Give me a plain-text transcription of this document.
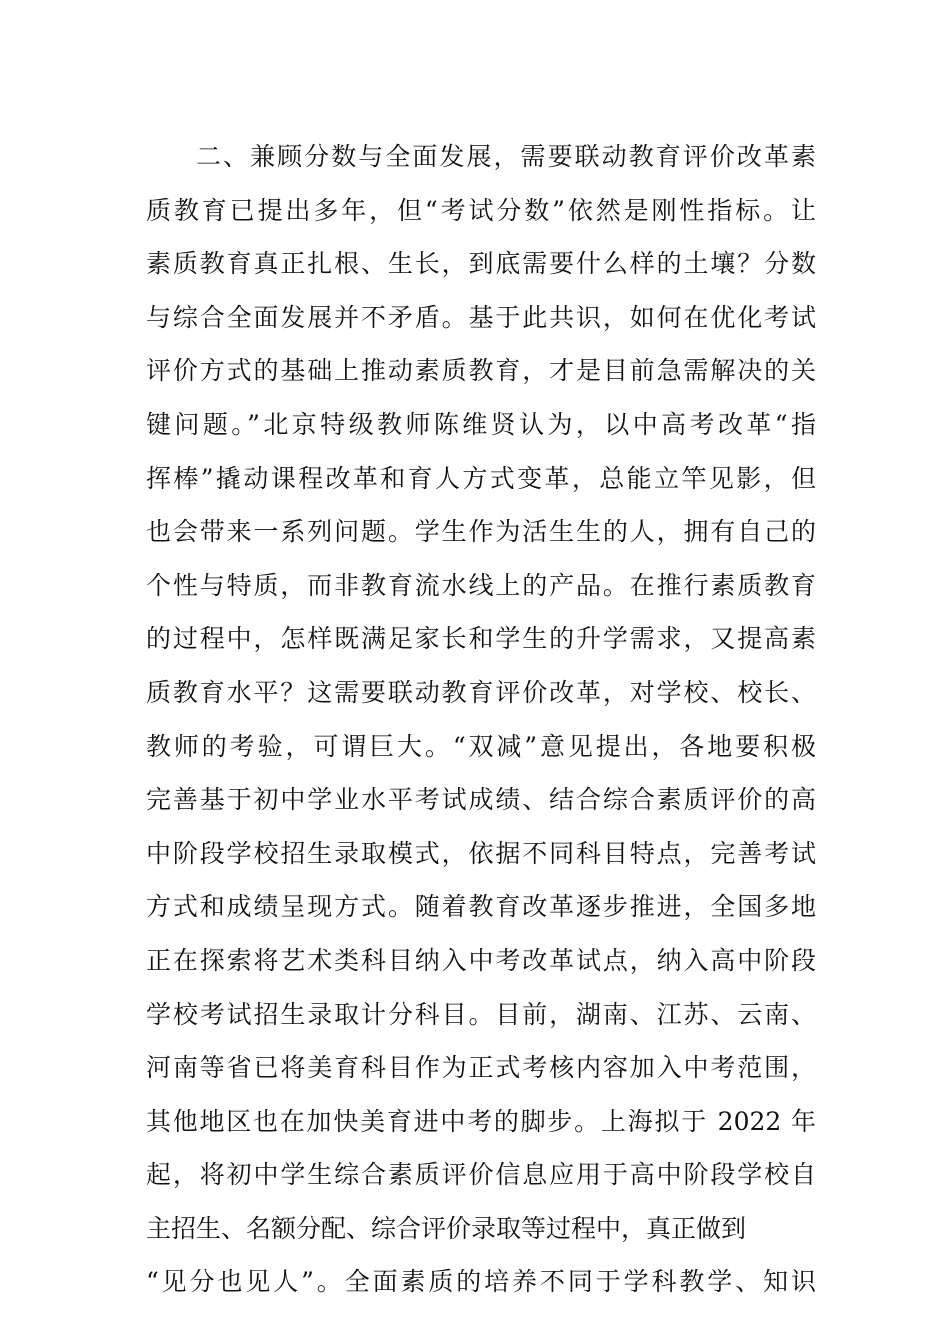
二、兼顾分数与全面发展，需要联动教育评价改革素
质教育已提出多年，但“考试分数”依然是刚性指标。让
素质教育真正扎根、生长，到底需要什么样的土壤？分数
与综合全面发展并不矛盾。基于此共识，如何在优化考试
评价方式的基础上推动素质教育，才是目前急需解决的关
键问题。”北京特级教师陈维贤认为，以中高考改革“指
挥棒”撬动课程改革和育人方式变革，总能立竿见影，但
也会带来一系列问题。学生作为活生生的人，拥有自己的
个性与特质，而非教育流水线上的产品。在推行素质教育
的过程中，怎样既满足家长和学生的升学需求，又提高素
质教育水平？这需要联动教育评价改革，对学校、校长、
教师的考验，可谓巨大。“双减”意见提出，各地要积极
完善基于初中学业水平考试成绩、结合综合素质评价的高
中阶段学校招生录取模式，依据不同科目特点，完善考试
方式和成绩呈现方式。随着教育改革逐步推进，全国多地
正在探索将艺术类科目纳入中考改革试点，纳入高中阶段
学校考试招生录取计分科目。目前，湖南、江苏、云南、
河南等省已将美育科目作为正式考核内容加入中考范围，
其他地区也在加快美育进中考的脚步。上海拟于 2022 年
起，将初中学生综合素质评价信息应用于高中阶段学校自
主招生、名额分配、综合评价录取等过程中，真正做到
“见分也见人”。全面素质的培养不同于学科教学、知识
